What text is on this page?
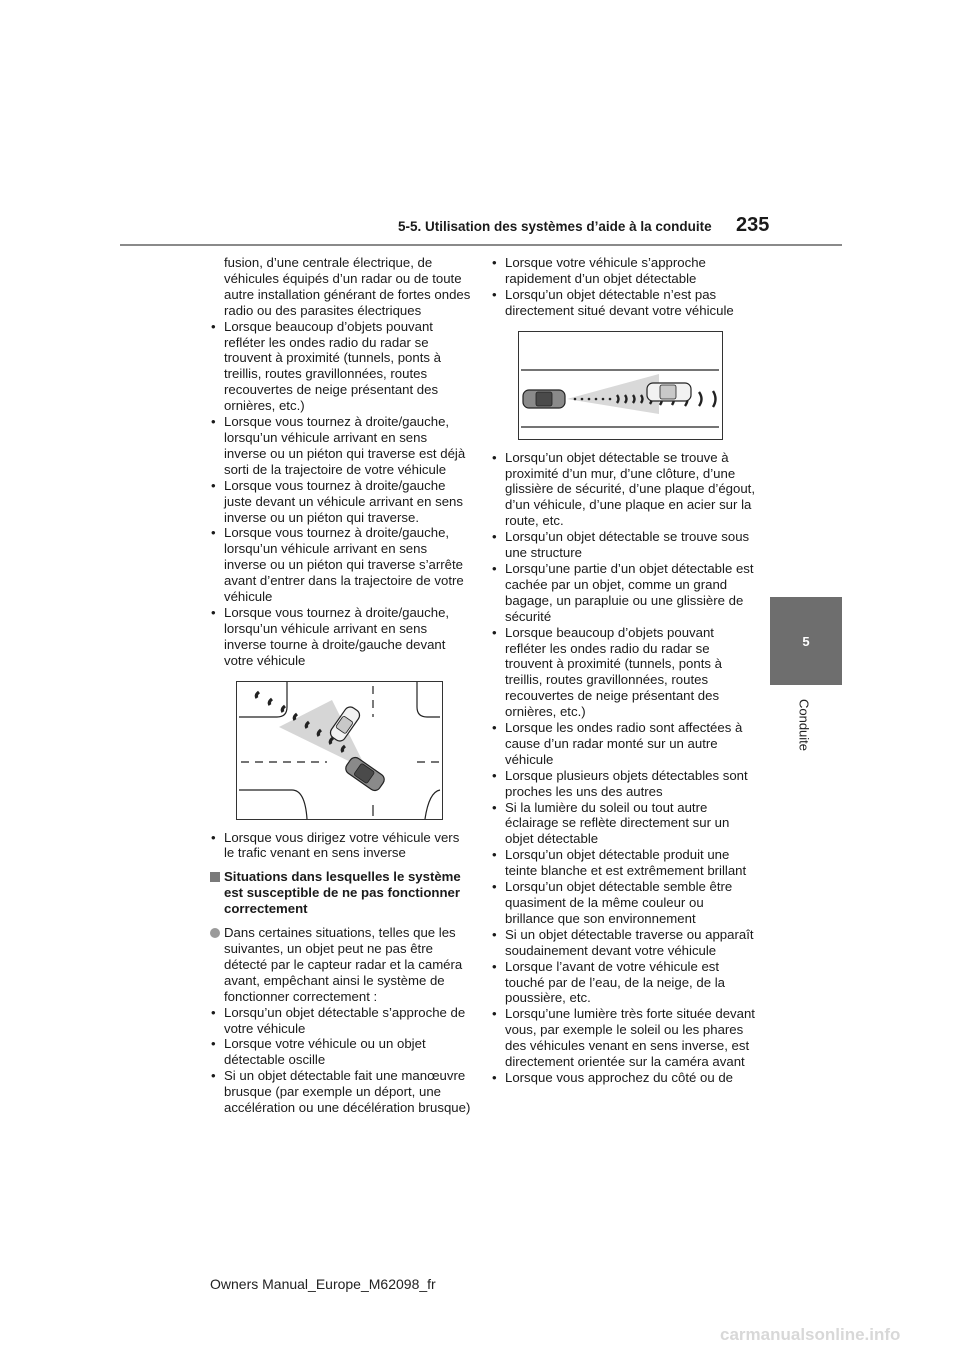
5-5. Utilisation des systèmes d’aide à la conduite 235
5
Conduite
fusion, d’une centrale électrique, de véhicules équipés d’un radar ou de toute autre installation générant de fortes ondes radio ou des parasites électriques
• Lorsque beaucoup d’objets pouvant refléter les ondes radio du radar se trouvent à proximité (tunnels, ponts à treillis, routes gravillonnées, routes recouvertes de neige présentant des ornières, etc.)
• Lorsque vous tournez à droite/gauche, lorsqu’un véhicule arrivant en sens inverse ou un piéton qui traverse est déjà sorti de la trajectoire de votre véhicule
• Lorsque vous tournez à droite/gauche juste devant un véhicule arrivant en sens inverse ou un piéton qui traverse.
• Lorsque vous tournez à droite/gauche, lorsqu’un véhicule arrivant en sens inverse ou un piéton qui traverse s’arrête avant d’entrer dans la trajectoire de votre véhicule
• Lorsque vous tournez à droite/gauche, lorsqu’un véhicule arrivant en sens inverse tourne à droite/gauche devant votre véhicule
• Lorsque vous dirigez votre véhicule vers le trafic venant en sens inverse
Situations dans lesquelles le système est susceptible de ne pas fonctionner correctement
Dans certaines situations, telles que les suivantes, un objet peut ne pas être détecté par le capteur radar et la caméra avant, empêchant ainsi le système de fonctionner correctement :
• Lorsqu’un objet détectable s’approche de votre véhicule
• Lorsque votre véhicule ou un objet détectable oscille
• Si un objet détectable fait une manœuvre brusque (par exemple un déport, une accélération ou une décélération brusque)
• Lorsque votre véhicule s’approche rapidement d’un objet détectable
• Lorsqu’un objet détectable n’est pas directement situé devant votre véhicule
• Lorsqu’un objet détectable se trouve à proximité d’un mur, d’une clôture, d’une glissière de sécurité, d’une plaque d’égout, d’un véhicule, d’une plaque en acier sur la route, etc.
• Lorsqu’un objet détectable se trouve sous une structure
• Lorsqu’une partie d’un objet détectable est cachée par un objet, comme un grand bagage, un parapluie ou une glissière de sécurité
• Lorsque beaucoup d’objets pouvant refléter les ondes radio du radar se trouvent à proximité (tunnels, ponts à treillis, routes gravillonnées, routes recouvertes de neige présentant des ornières, etc.)
• Lorsque les ondes radio sont affectées à cause d’un radar monté sur un autre véhicule
• Lorsque plusieurs objets détectables sont proches les uns des autres
• Si la lumière du soleil ou tout autre éclairage se reflète directement sur un objet détectable
• Lorsqu’un objet détectable produit une teinte blanche et est extrêmement brillant
• Lorsqu’un objet détectable semble être quasiment de la même couleur ou brillance que son environnement
• Si un objet détectable traverse ou apparaît soudainement devant votre véhicule
• Lorsque l’avant de votre véhicule est touché par de l’eau, de la neige, de la poussière, etc.
• Lorsqu’une lumière très forte située devant vous, par exemple le soleil ou les phares des véhicules venant en sens inverse, est directement orientée sur la caméra avant
• Lorsque vous approchez du côté ou de
Owners Manual_Europe_M62098_fr
carmanualsonline.info
